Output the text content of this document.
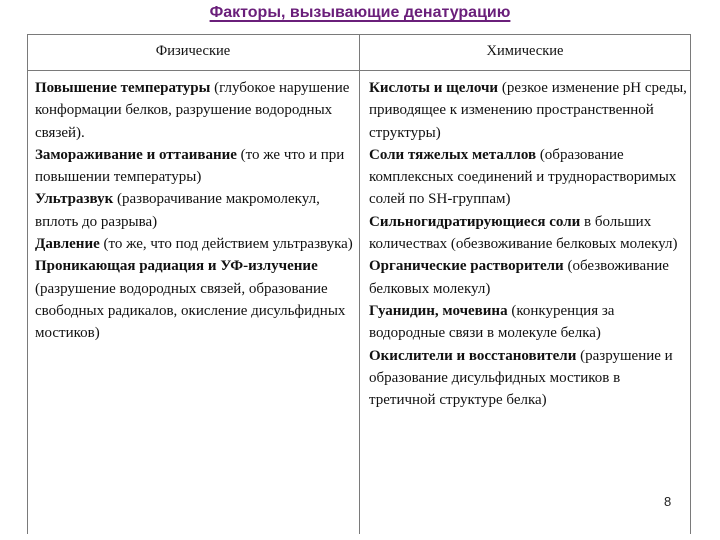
Факторы, вызывающие денатурацию
Физические	Химические

Повышение температуры (глубокое нарушение конформации белков, разрушение водородных связей).

Замораживание и оттаивание (то же что и при повышении температуры)

Ультразвук (разворачивание макромолекул, вплоть до разрыва)

Давление (то же, что под действием ультразвука)

Проникающая радиация и УФ-излучение (разрушение водородных связей, образование свободных радикалов, окисление дисульфидных мостиков)

Кислоты и щелочи (резкое изменение pH среды, приводящее к изменению пространственной структуры)

Соли тяжелых металлов (образование комплексных соединений и труднорастворимых солей по SH-группам)

Сильногидратирующиеся соли в больших количествах (обезвоживание белковых молекул)

Органические растворители (обезвоживание белковых молекул)

Гуанидин, мочевина (конкуренция за водородные связи в молекуле белка)

Окислители и восстановители (разрушение и образование дисульфидных мостиков в третичной структуре белка)

8
